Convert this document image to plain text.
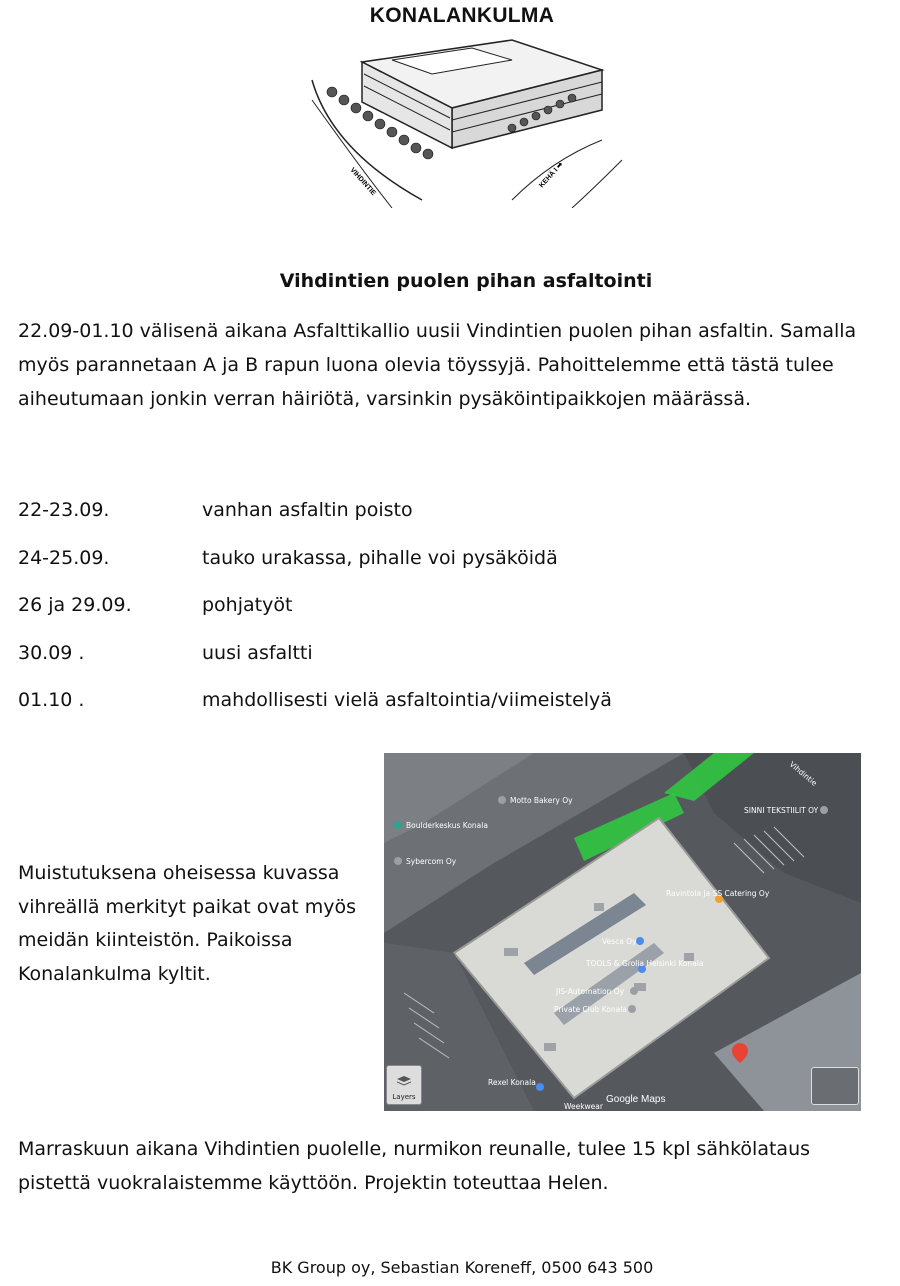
VIHDINTIE	KEHÄ I ➡
KONALANKULMA
Vihdintien puolen pihan asfaltointi

22.09-01.10 välisenä aikana Asfalttikallio uusii Vindintien puolen pihan asfaltin. Samalla myös parannetaan A ja B rapun luona olevia töyssyjä. Pahoittelemme että tästä tulee aiheutumaan jonkin verran häiriötä, varsinkin pysäköintipaikkojen määrässä.

22-23.09.	vanhan asfaltin poisto
24-25.09.	tauko urakassa, pihalle voi pysäköidä
26 ja 29.09.	pohjatyöt
30.09 .	uusi asfaltti
01.10 .	mahdollisesti vielä asfaltointia/viimeistelyä

Muistutuksena oheisessa kuvassa vihreällä merkityt paikat ovat myös meidän kiinteistön. Paikoissa Konalankulma kyltit.

Boulderkeskus Konala
Sybercom Oy
Motto Bakery Oy
SINNI TEKSTIILIT OY
Ravintola ja SS Catering Oy
Vesca Oy
TOOLS & Grolia Helsinki Konala
JIS-Automation Oy
Private Club Konala
Rexel Konala
Weekwear
Vihdintie
Layers	Google Maps

Marraskuun aikana Vihdintien puolelle, nurmikon reunalle, tulee 15 kpl sähkölataus pistettä vuokralaistemme käyttöön. Projektin toteuttaa Helen.

BK Group oy, Sebastian Koreneff, 0500 643 500
